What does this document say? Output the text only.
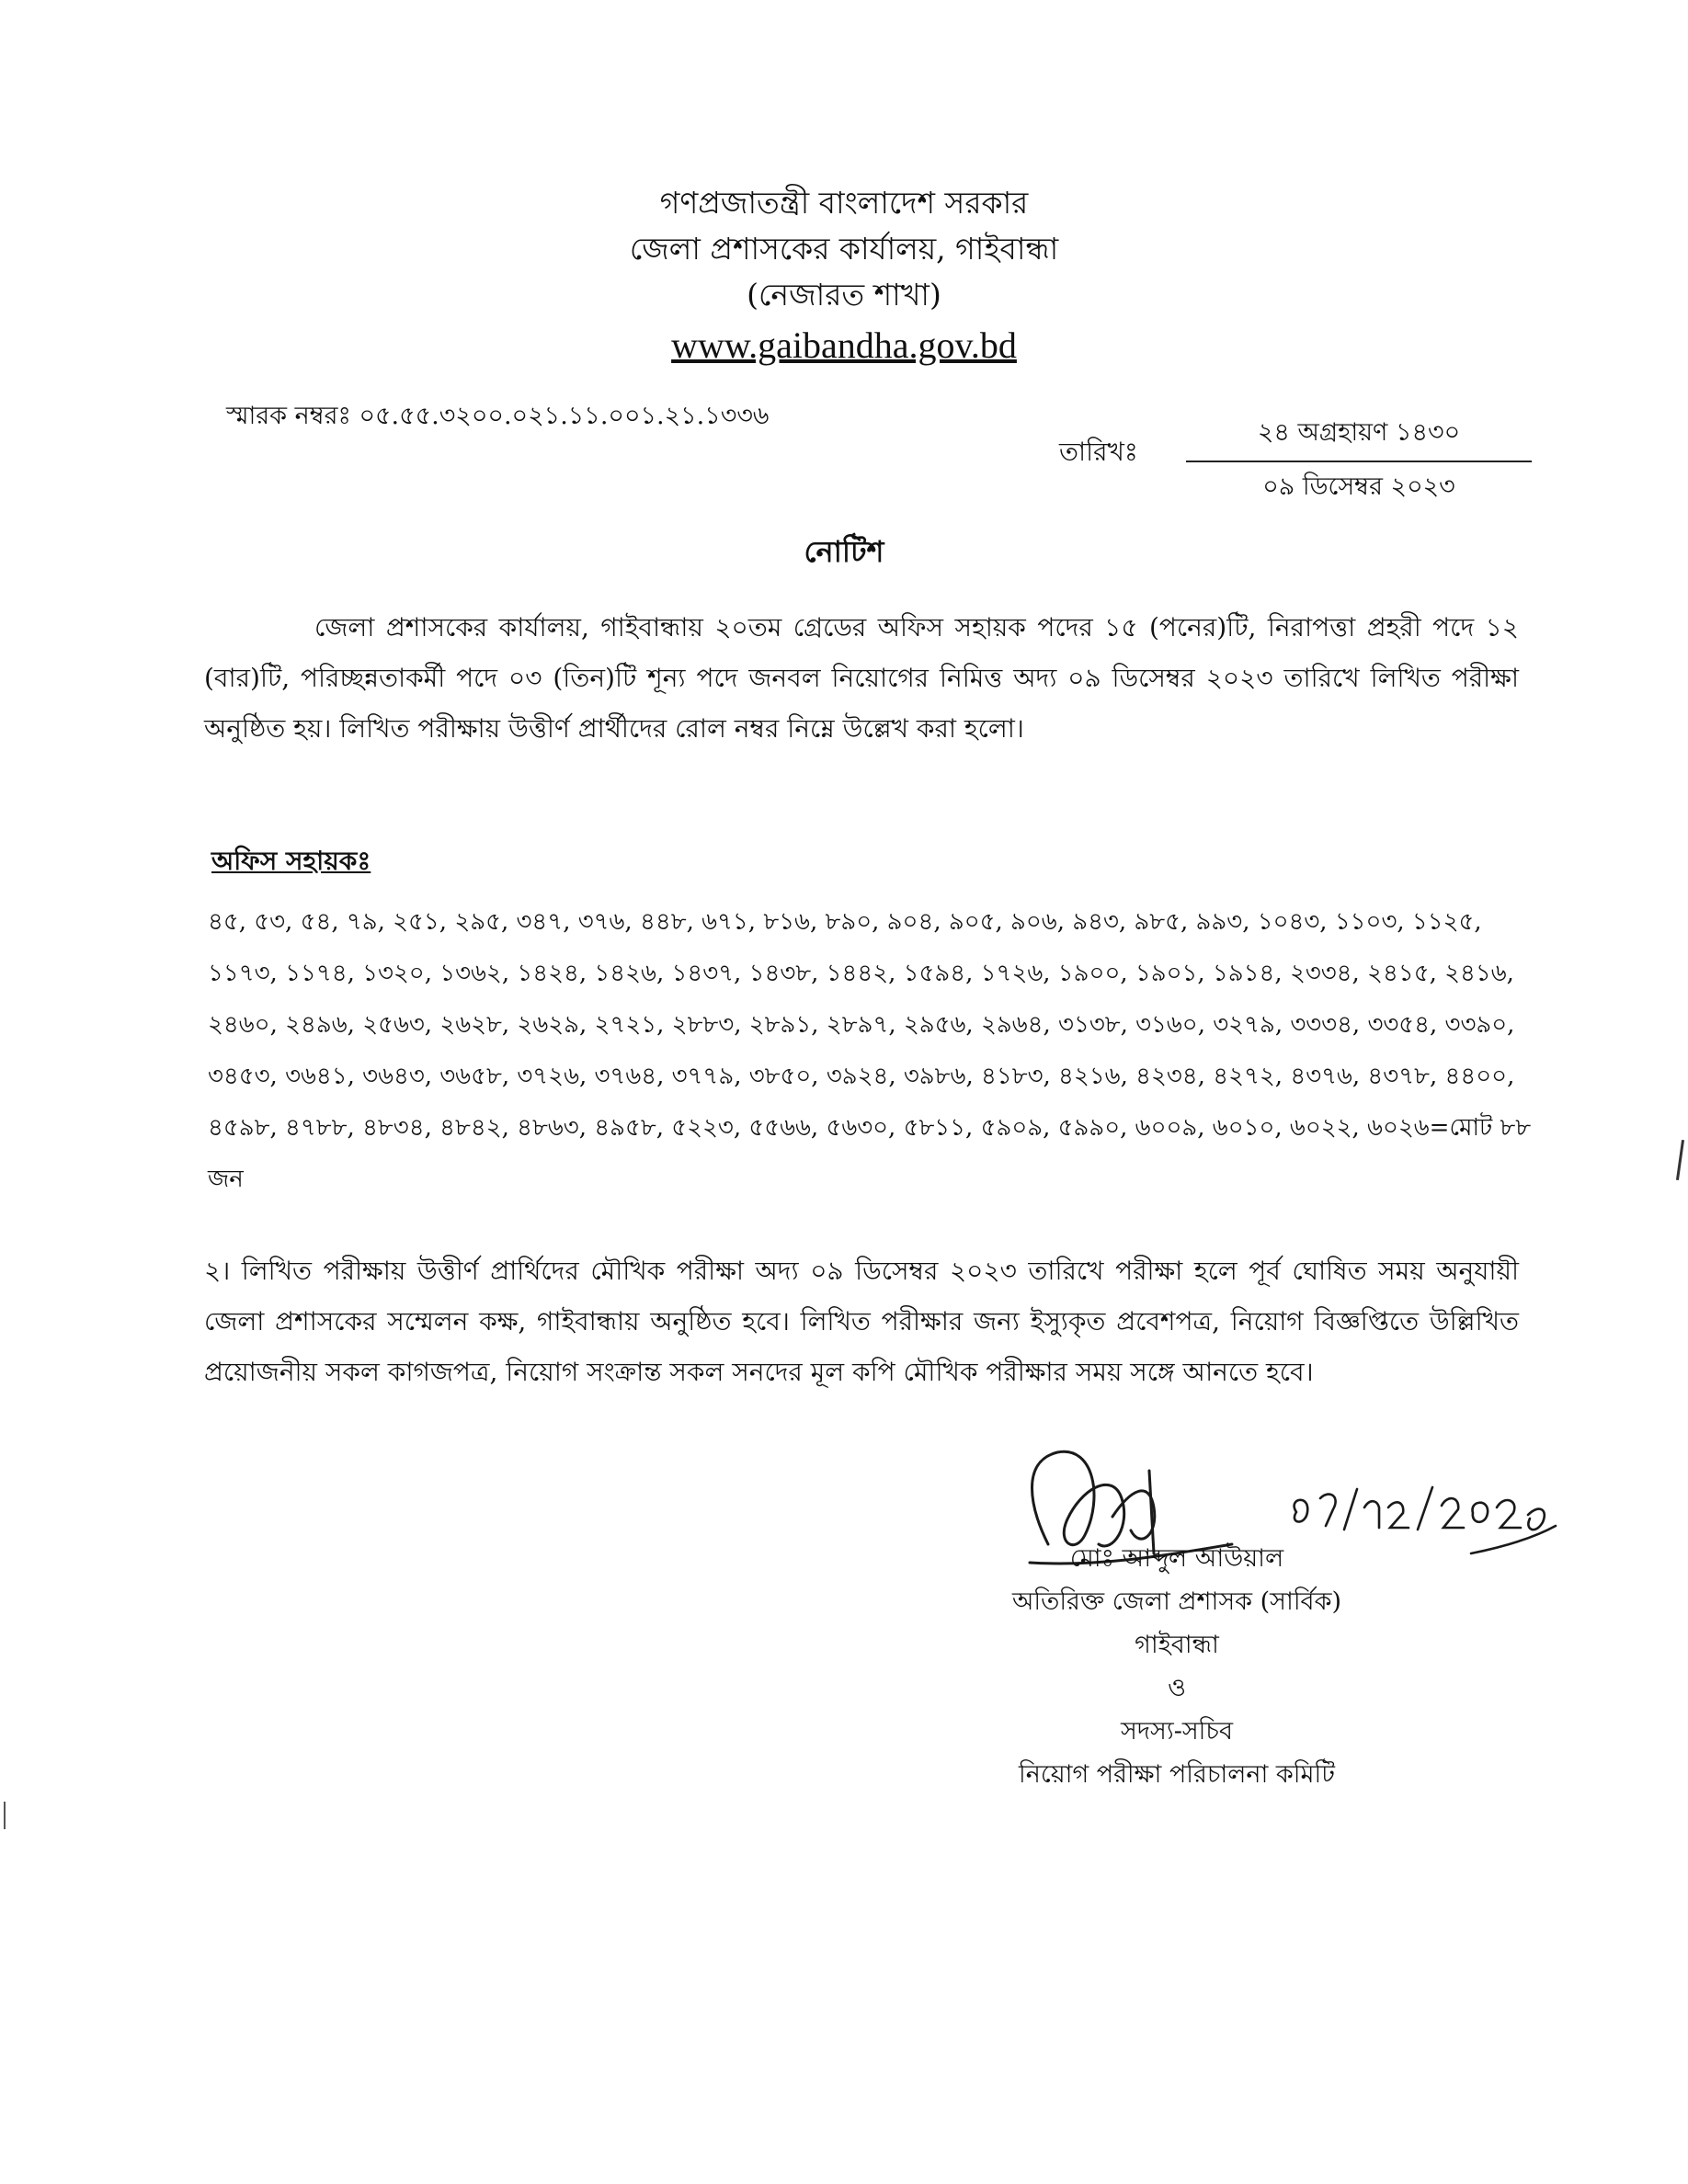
গণপ্রজাতন্ত্রী বাংলাদেশ সরকার
জেলা প্রশাসকের কার্যালয়, গাইবান্ধা
(নেজারত শাখা)
www.gaibandha.gov.bd
স্মারক নম্বরঃ ০৫.৫৫.৩২০০.০২১.১১.০০১.২১.১৩৩৬
তারিখঃ
২৪ অগ্রহায়ণ ১৪৩০
০৯ ডিসেম্বর ২০২৩
নোটিশ
জেলা প্রশাসকের কার্যালয়, গাইবান্ধায় ২০তম গ্রেডের অফিস সহায়ক পদের ১৫ (পনের)টি, নিরাপত্তা প্রহরী পদে ১২ (বার)টি, পরিচ্ছন্নতাকর্মী পদে ০৩ (তিন)টি শূন্য পদে জনবল নিয়োগের নিমিত্ত অদ্য ০৯ ডিসেম্বর ২০২৩ তারিখে লিখিত পরীক্ষা অনুষ্ঠিত হয়। লিখিত পরীক্ষায় উত্তীর্ণ প্রার্থীদের রোল নম্বর নিম্নে উল্লেখ করা হলো।
অফিস সহায়কঃ
৪৫, ৫৩, ৫৪, ৭৯, ২৫১, ২৯৫, ৩৪৭, ৩৭৬, ৪৪৮, ৬৭১, ৮১৬, ৮৯০, ৯০৪, ৯০৫, ৯০৬, ৯৪৩, ৯৮৫, ৯৯৩, ১০৪৩, ১১০৩, ১১২৫, ১১৭৩, ১১৭৪, ১৩২০, ১৩৬২, ১৪২৪, ১৪২৬, ১৪৩৭, ১৪৩৮, ১৪৪২, ১৫৯৪, ১৭২৬, ১৯০০, ১৯০১, ১৯১৪, ২৩৩৪, ২৪১৫, ২৪১৬, ২৪৬০, ২৪৯৬, ২৫৬৩, ২৬২৮, ২৬২৯, ২৭২১, ২৮৮৩, ২৮৯১, ২৮৯৭, ২৯৫৬, ২৯৬৪, ৩১৩৮, ৩১৬০, ৩২৭৯, ৩৩৩৪, ৩৩৫৪, ৩৩৯০, ৩৪৫৩, ৩৬৪১, ৩৬৪৩, ৩৬৫৮, ৩৭২৬, ৩৭৬৪, ৩৭৭৯, ৩৮৫০, ৩৯২৪, ৩৯৮৬, ৪১৮৩, ৪২১৬, ৪২৩৪, ৪২৭২, ৪৩৭৬, ৪৩৭৮, ৪৪০০, ৪৫৯৮, ৪৭৮৮, ৪৮৩৪, ৪৮৪২, ৪৮৬৩, ৪৯৫৮, ৫২২৩, ৫৫৬৬, ৫৬৩০, ৫৮১১, ৫৯০৯, ৫৯৯০, ৬০০৯, ৬০১০, ৬০২২, ৬০২৬=মোট ৮৮ জন
২। লিখিত পরীক্ষায় উত্তীর্ণ প্রার্থিদের মৌখিক পরীক্ষা অদ্য ০৯ ডিসেম্বর ২০২৩ তারিখে পরীক্ষা হলে পূর্ব ঘোষিত সময় অনুযায়ী জেলা প্রশাসকের সম্মেলন কক্ষ, গাইবান্ধায় অনুষ্ঠিত হবে। লিখিত পরীক্ষার জন্য ইস্যুকৃত প্রবেশপত্র, নিয়োগ বিজ্ঞপ্তিতে উল্লিখিত প্রয়োজনীয় সকল কাগজপত্র, নিয়োগ সংক্রান্ত সকল সনদের মূল কপি মৌখিক পরীক্ষার সময় সঙ্গে আনতে হবে।
মোঃ আব্দুল আউয়াল
অতিরিক্ত জেলা প্রশাসক (সার্বিক)
গাইবান্ধা
ও
সদস্য-সচিব
নিয়োগ পরীক্ষা পরিচালনা কমিটি
